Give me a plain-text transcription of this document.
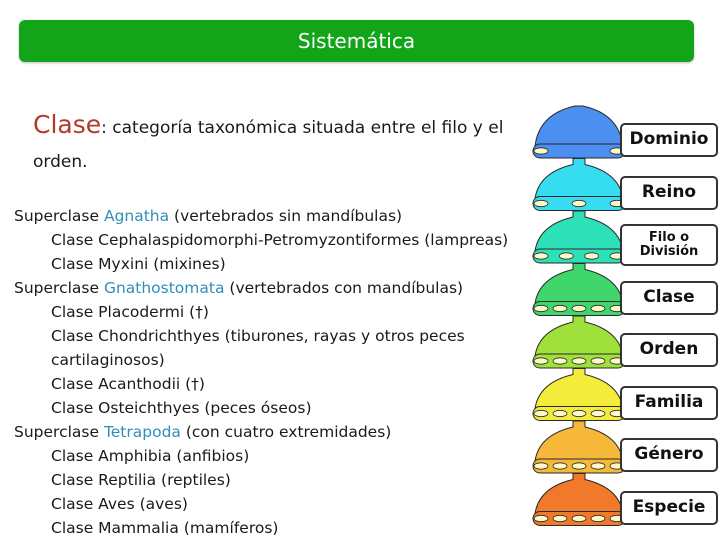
Sistemática
Clase: categoría taxonómica situada entre el filo y el orden.
Superclase Agnatha (vertebrados sin mandíbulas)
Clase Cephalaspidomorphi-Petromyzontiformes (lampreas)
Clase Myxini (mixines)
Superclase Gnathostomata (vertebrados con mandíbulas)
Clase Placodermi (†)
Clase Chondrichthyes (tiburones, rayas y otros peces
cartilaginosos)
Clase Acanthodii (†)
Clase Osteichthyes (peces óseos)
Superclase Tetrapoda (con cuatro extremidades)
Clase Amphibia (anfibios)
Clase Reptilia (reptiles)
Clase Aves (aves)
Clase Mammalia (mamíferos)
Dominio
Reino
Filo o División
Clase
Orden
Familia
Género
Especie
